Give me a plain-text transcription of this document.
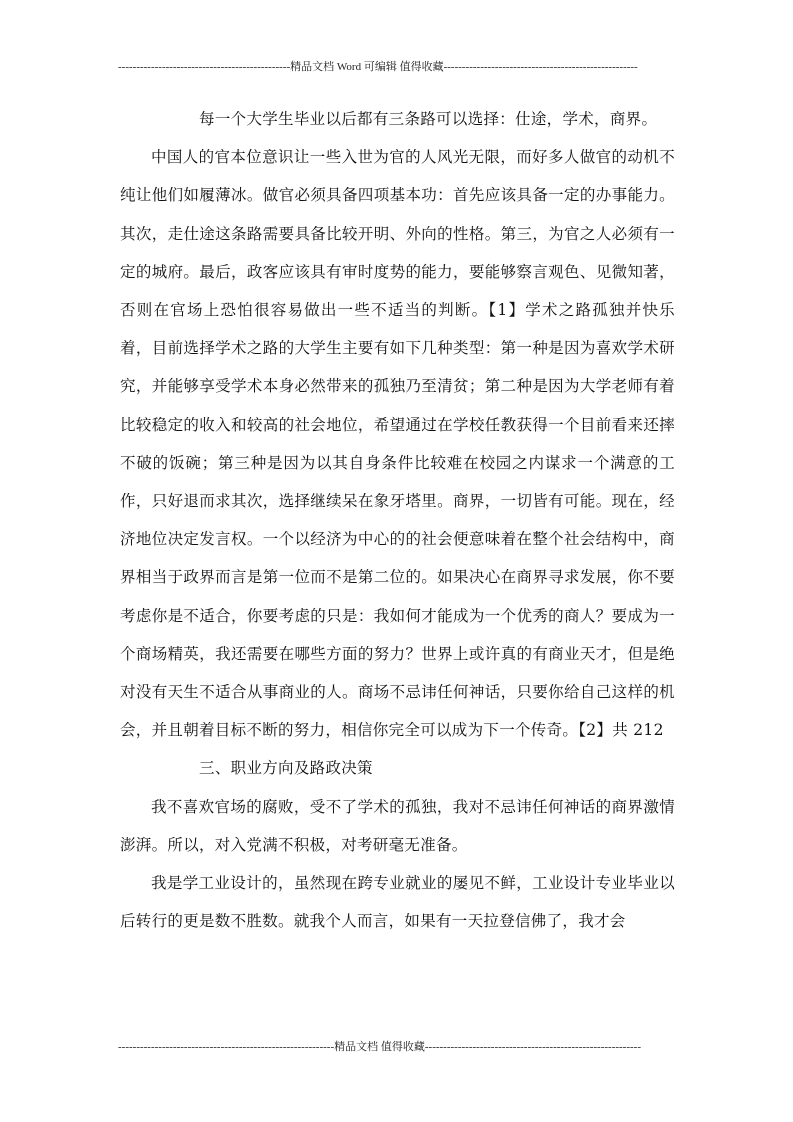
-----------------------------------------------精品文档 Word 可编辑 值得收藏-----------------------------------------------------

每一个大学生毕业以后都有三条路可以选择：仕途，学术，商界。

中国人的官本位意识让一些入世为官的人风光无限，而好多人做官的动机不纯让他们如履薄冰。做官必须具备四项基本功：首先应该具备一定的办事能力。其次，走仕途这条路需要具备比较开明、外向的性格。第三，为官之人必须有一定的城府。最后，政客应该具有审时度势的能力，要能够察言观色、见微知著，否则在官场上恐怕很容易做出一些不适当的判断。【1】学术之路孤独并快乐着，目前选择学术之路的大学生主要有如下几种类型：第一种是因为喜欢学术研究，并能够享受学术本身必然带来的孤独乃至清贫；第二种是因为大学老师有着比较稳定的收入和较高的社会地位，希望通过在学校任教获得一个目前看来还摔不破的饭碗；第三种是因为以其自身条件比较难在校园之内谋求一个满意的工作，只好退而求其次，选择继续呆在象牙塔里。商界，一切皆有可能。现在，经济地位决定发言权。一个以经济为中心的的社会便意味着在整个社会结构中，商界相当于政界而言是第一位而不是第二位的。如果决心在商界寻求发展，你不要考虑你是不适合，你要考虑的只是：我如何才能成为一个优秀的商人？要成为一个商场精英，我还需要在哪些方面的努力？世界上或许真的有商业天才，但是绝对没有天生不适合从事商业的人。商场不忌讳任何神话，只要你给自己这样的机会，并且朝着目标不断的努力，相信你完全可以成为下一个传奇。【2】共 212

三、职业方向及路政决策

我不喜欢官场的腐败，受不了学术的孤独，我对不忌讳任何神话的商界激情澎湃。所以，对入党满不积极，对考研毫无准备。

我是学工业设计的，虽然现在跨专业就业的屡见不鲜，工业设计专业毕业以后转行的更是数不胜数。就我个人而言，如果有一天拉登信佛了，我才会

-----------------------------------------------------------精品文档 值得收藏-----------------------------------------------------------
